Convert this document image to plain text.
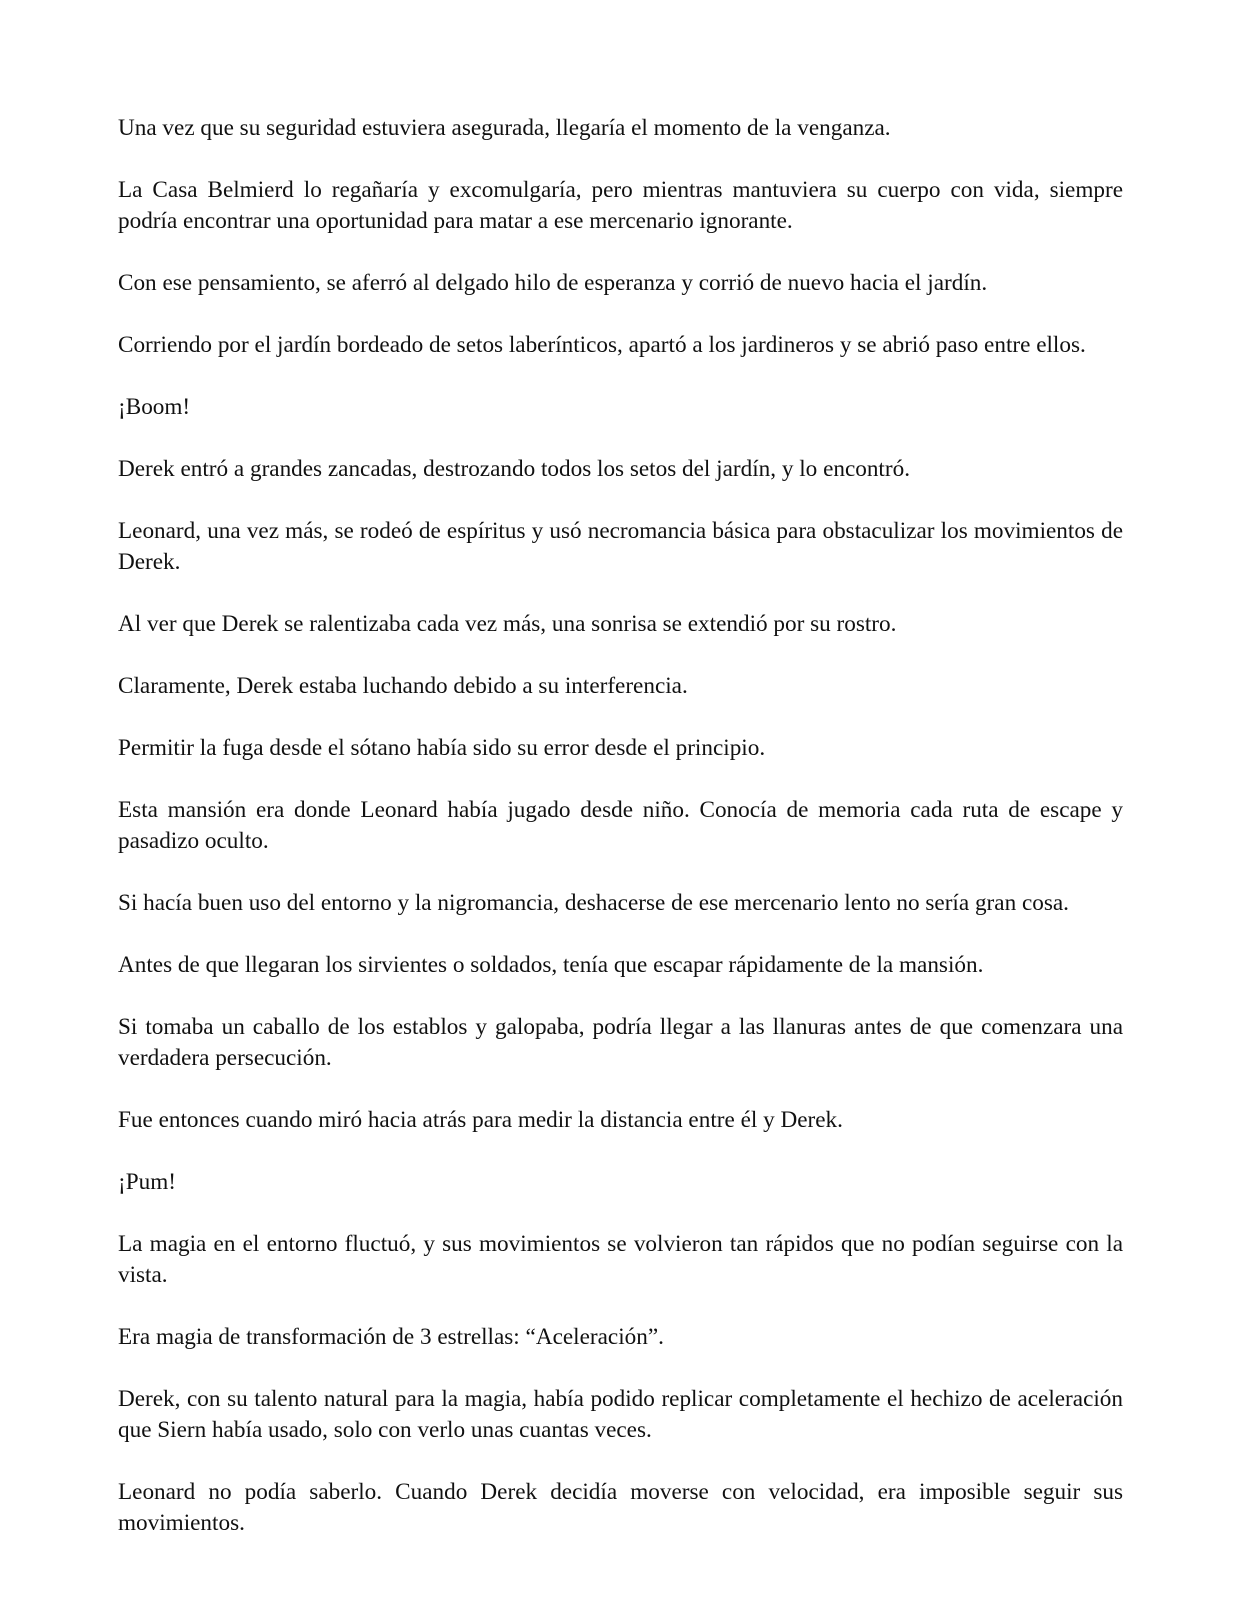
Una vez que su seguridad estuviera asegurada, llegaría el momento de la venganza.

La Casa Belmierd lo regañaría y excomulgaría, pero mientras mantuviera su cuerpo con vida, siempre podría encontrar una oportunidad para matar a ese mercenario ignorante.

Con ese pensamiento, se aferró al delgado hilo de esperanza y corrió de nuevo hacia el jardín.

Corriendo por el jardín bordeado de setos laberínticos, apartó a los jardineros y se abrió paso entre ellos.

¡Boom!

Derek entró a grandes zancadas, destrozando todos los setos del jardín, y lo encontró.

Leonard, una vez más, se rodeó de espíritus y usó necromancia básica para obstaculizar los movimientos de Derek.

Al ver que Derek se ralentizaba cada vez más, una sonrisa se extendió por su rostro.

Claramente, Derek estaba luchando debido a su interferencia.

Permitir la fuga desde el sótano había sido su error desde el principio.

Esta mansión era donde Leonard había jugado desde niño. Conocía de memoria cada ruta de escape y pasadizo oculto.

Si hacía buen uso del entorno y la nigromancia, deshacerse de ese mercenario lento no sería gran cosa.

Antes de que llegaran los sirvientes o soldados, tenía que escapar rápidamente de la mansión.

Si tomaba un caballo de los establos y galopaba, podría llegar a las llanuras antes de que comenzara una verdadera persecución.

Fue entonces cuando miró hacia atrás para medir la distancia entre él y Derek.

¡Pum!

La magia en el entorno fluctuó, y sus movimientos se volvieron tan rápidos que no podían seguirse con la vista.

Era magia de transformación de 3 estrellas: “Aceleración”.

Derek, con su talento natural para la magia, había podido replicar completamente el hechizo de aceleración que Siern había usado, solo con verlo unas cuantas veces.

Leonard no podía saberlo. Cuando Derek decidía moverse con velocidad, era imposible seguir sus movimientos.
